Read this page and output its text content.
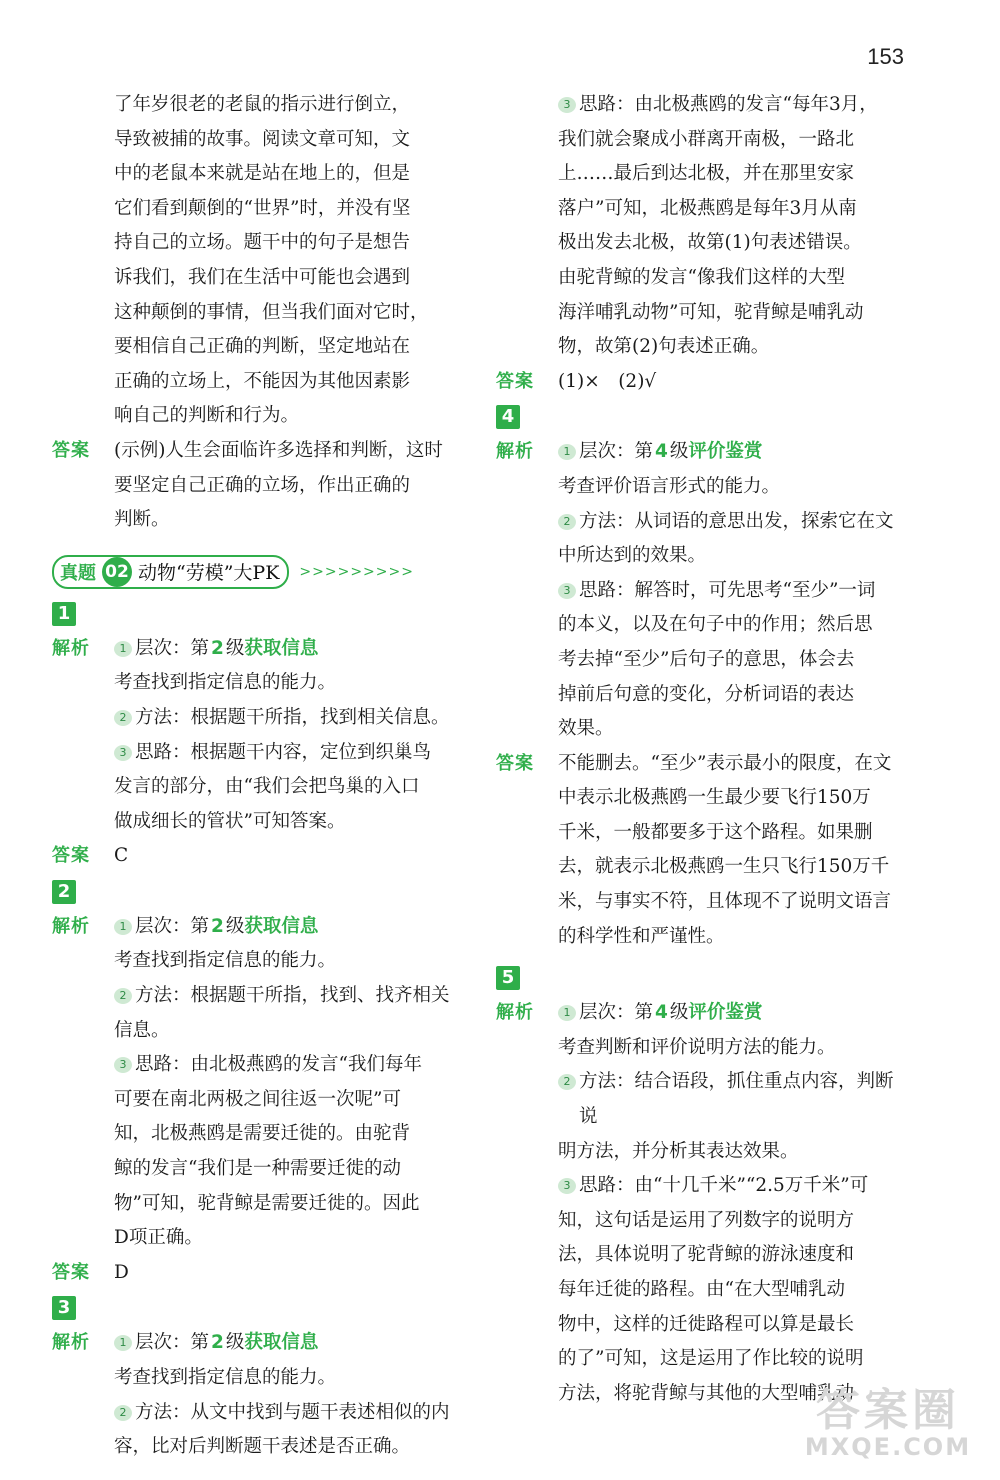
153

了年岁很老的老鼠的指示进行倒立，

导致被捕的故事。阅读文章可知，文

中的老鼠本来就是站在地上的，但是

它们看到颠倒的“世界”时，并没有坚

持自己的立场。题干中的句子是想告

诉我们，我们在生活中可能也会遇到

这种颠倒的事情，但当我们面对它时，

要相信自己正确的判断，坚定地站在

正确的立场上，不能因为其他因素影

响自己的判断和行为。

答案	(示例)人生会面临许多选择和判断，这时

要坚定自己正确的立场，作出正确的

判断。

真题 02 动物“劳模”大PK >>>>>>>>>
1
解析	1 层次：第 2 级获取信息

考查找到指定信息的能力。

2 方法：根据题干所指，找到相关信息。
3 思路：根据题干内容，定位到织巢鸟

发言的部分，由“我们会把鸟巢的入口

做成细长的管状”可知答案。

答案	C

2
解析	1 层次：第 2 级获取信息

考查找到指定信息的能力。

2 方法：根据题干所指，找到、找齐相关

信息。

3 思路：由北极燕鸥的发言“我们每年

可要在南北两极之间往返一次呢”可

知，北极燕鸥是需要迁徙的。由驼背

鲸的发言“我们是一种需要迁徙的动

物”可知，驼背鲸是需要迁徙的。因此

D项正确。

答案	D

3
解析	1 层次：第 2 级获取信息

考查找到指定信息的能力。

2 方法：从文中找到与题干表述相似的内

容，比对后判断题干表述是否正确。

3 思路：由北极燕鸥的发言“每年3月，

我们就会聚成小群离开南极，一路北

上……最后到达北极，并在那里安家

落户”可知，北极燕鸥是每年3月从南

极出发去北极，故第(1)句表述错误。

由驼背鲸的发言“像我们这样的大型

海洋哺乳动物”可知，驼背鲸是哺乳动

物，故第(2)句表述正确。

答案	(1)×　(2)√

4
解析	1 层次：第 4 级评价鉴赏

考查评价语言形式的能力。

2 方法：从词语的意思出发，探索它在文

中所达到的效果。

3 思路：解答时，可先思考“至少”一词

的本义，以及在句子中的作用；然后思

考去掉“至少”后句子的意思，体会去

掉前后句意的变化，分析词语的表达

效果。

答案	不能删去。“至少”表示最小的限度，在文

中表示北极燕鸥一生最少要飞行150万

千米，一般都要多于这个路程。如果删

去，就表示北极燕鸥一生只飞行150万千

米，与事实不符，且体现不了说明文语言

的科学性和严谨性。

5
解析	1 层次：第 4 级评价鉴赏

考查判断和评价说明方法的能力。

2 方法：结合语段，抓住重点内容，判断说

明方法，并分析其表达效果。

3 思路：由“十几千米”“2.5万千米”可

知，这句话是运用了列数字的说明方

法，具体说明了驼背鲸的游泳速度和

每年迁徙的路程。由“在大型哺乳动

物中，这样的迁徙路程可以算是最长

的了”可知，这是运用了作比较的说明

方法，将驼背鲸与其他的大型哺乳动

答案圈
MXQE.COM
